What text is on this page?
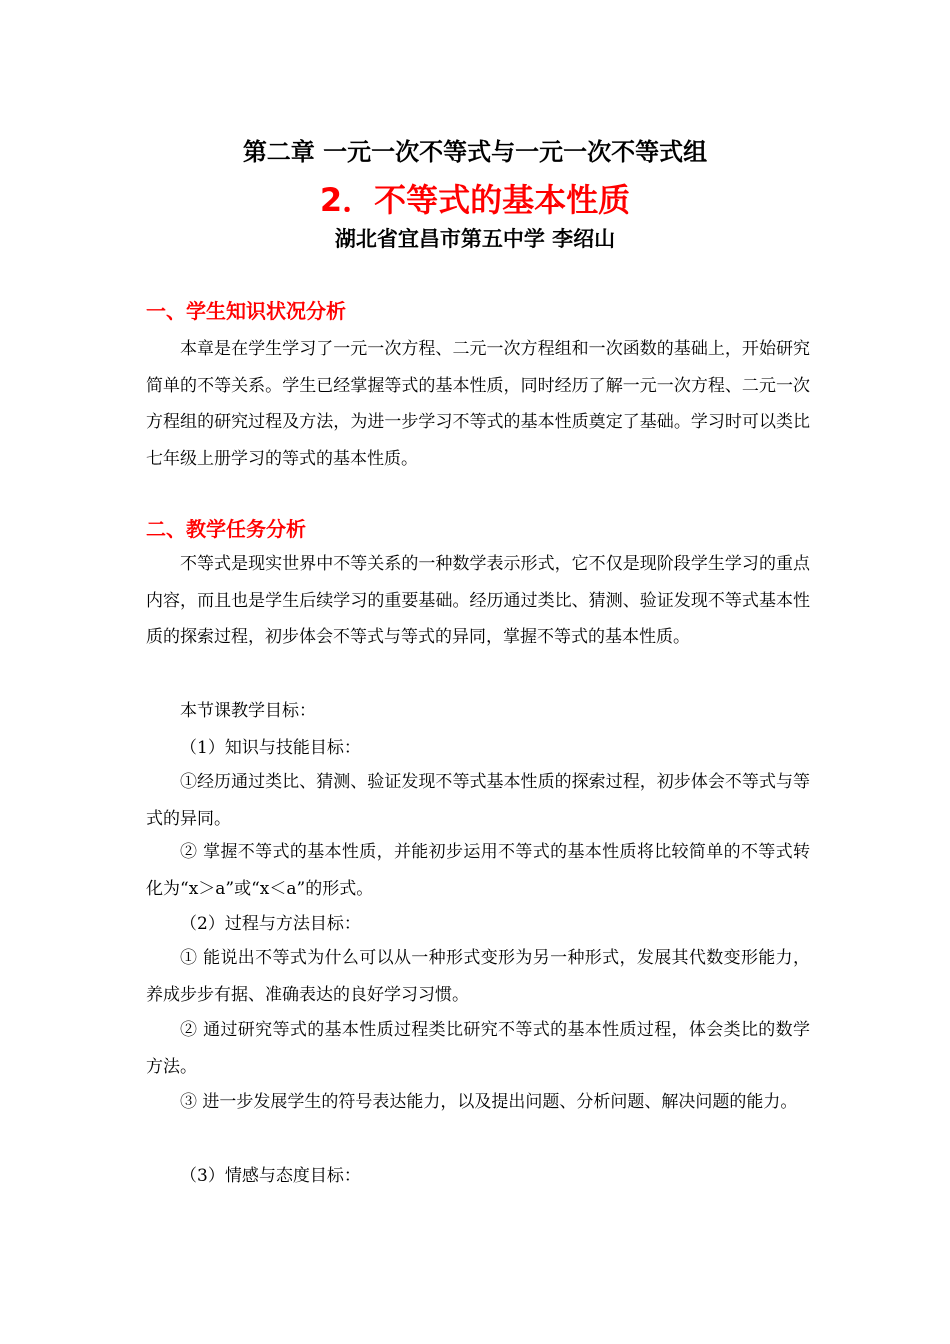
第二章 一元一次不等式与一元一次不等式组
2．不等式的基本性质
湖北省宜昌市第五中学 李绍山
一、学生知识状况分析
本章是在学生学习了一元一次方程、二元一次方程组和一次函数的基础上，开始研究简单的不等关系。学生已经掌握等式的基本性质，同时经历了解一元一次方程、二元一次方程组的研究过程及方法，为进一步学习不等式的基本性质奠定了基础。学习时可以类比七年级上册学习的等式的基本性质。
二、教学任务分析
不等式是现实世界中不等关系的一种数学表示形式，它不仅是现阶段学生学习的重点内容，而且也是学生后续学习的重要基础。经历通过类比、猜测、验证发现不等式基本性质的探索过程，初步体会不等式与等式的异同，掌握不等式的基本性质。
本节课教学目标：
（1）知识与技能目标：
①经历通过类比、猜测、验证发现不等式基本性质的探索过程，初步体会不等式与等式的异同。
② 掌握不等式的基本性质，并能初步运用不等式的基本性质将比较简单的不等式转化为“x＞a”或“x＜a”的形式。
（2）过程与方法目标：
① 能说出不等式为什么可以从一种形式变形为另一种形式，发展其代数变形能力，养成步步有据、准确表达的良好学习习惯。
② 通过研究等式的基本性质过程类比研究不等式的基本性质过程，体会类比的数学方法。
③ 进一步发展学生的符号表达能力，以及提出问题、分析问题、解决问题的能力。
（3）情感与态度目标：
